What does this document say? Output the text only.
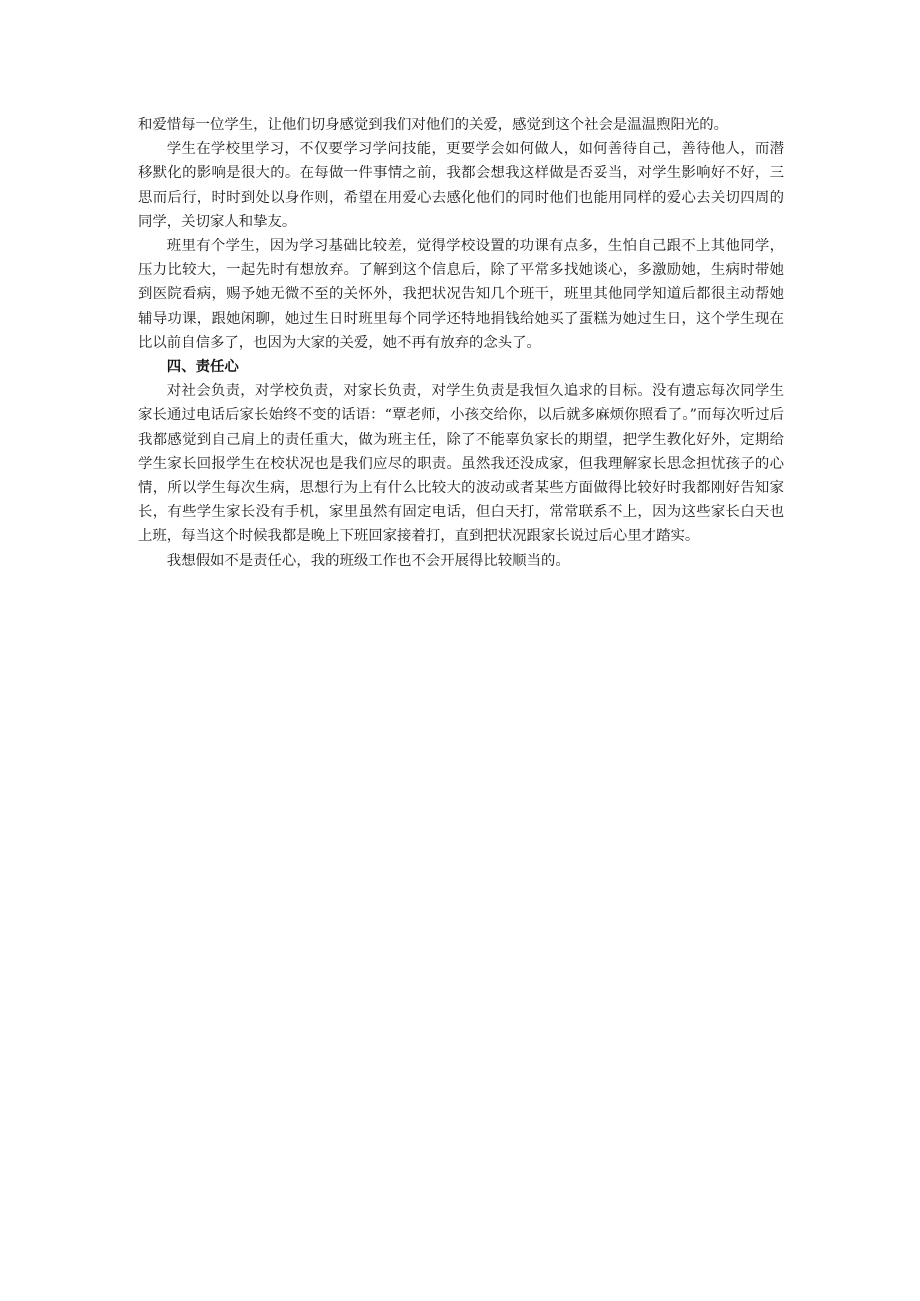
和爱惜每一位学生，让他们切身感觉到我们对他们的关爱，感觉到这个社会是温温煦阳光的。

学生在学校里学习，不仅要学习学问技能，更要学会如何做人，如何善待自己，善待他人，而潜移默化的影响是很大的。在每做一件事情之前，我都会想我这样做是否妥当，对学生影响好不好，三思而后行，时时到处以身作则，希望在用爱心去感化他们的同时他们也能用同样的爱心去关切四周的同学，关切家人和挚友。

班里有个学生，因为学习基础比较差，觉得学校设置的功课有点多，生怕自己跟不上其他同学，压力比较大，一起先时有想放弃。了解到这个信息后，除了平常多找她谈心，多激励她，生病时带她到医院看病，赐予她无微不至的关怀外，我把状况告知几个班干，班里其他同学知道后都很主动帮她辅导功课，跟她闲聊，她过生日时班里每个同学还特地捐钱给她买了蛋糕为她过生日，这个学生现在比以前自信多了，也因为大家的关爱，她不再有放弃的念头了。

四、责任心

对社会负责，对学校负责，对家长负责，对学生负责是我恒久追求的目标。没有遗忘每次同学生家长通过电话后家长始终不变的话语：“覃老师，小孩交给你，以后就多麻烦你照看了。”而每次听过后我都感觉到自己肩上的责任重大，做为班主任，除了不能辜负家长的期望，把学生教化好外，定期给学生家长回报学生在校状况也是我们应尽的职责。虽然我还没成家，但我理解家长思念担忧孩子的心情，所以学生每次生病，思想行为上有什么比较大的波动或者某些方面做得比较好时我都刚好告知家长，有些学生家长没有手机，家里虽然有固定电话，但白天打，常常联系不上，因为这些家长白天也上班，每当这个时候我都是晚上下班回家接着打，直到把状况跟家长说过后心里才踏实。

我想假如不是责任心，我的班级工作也不会开展得比较顺当的。
